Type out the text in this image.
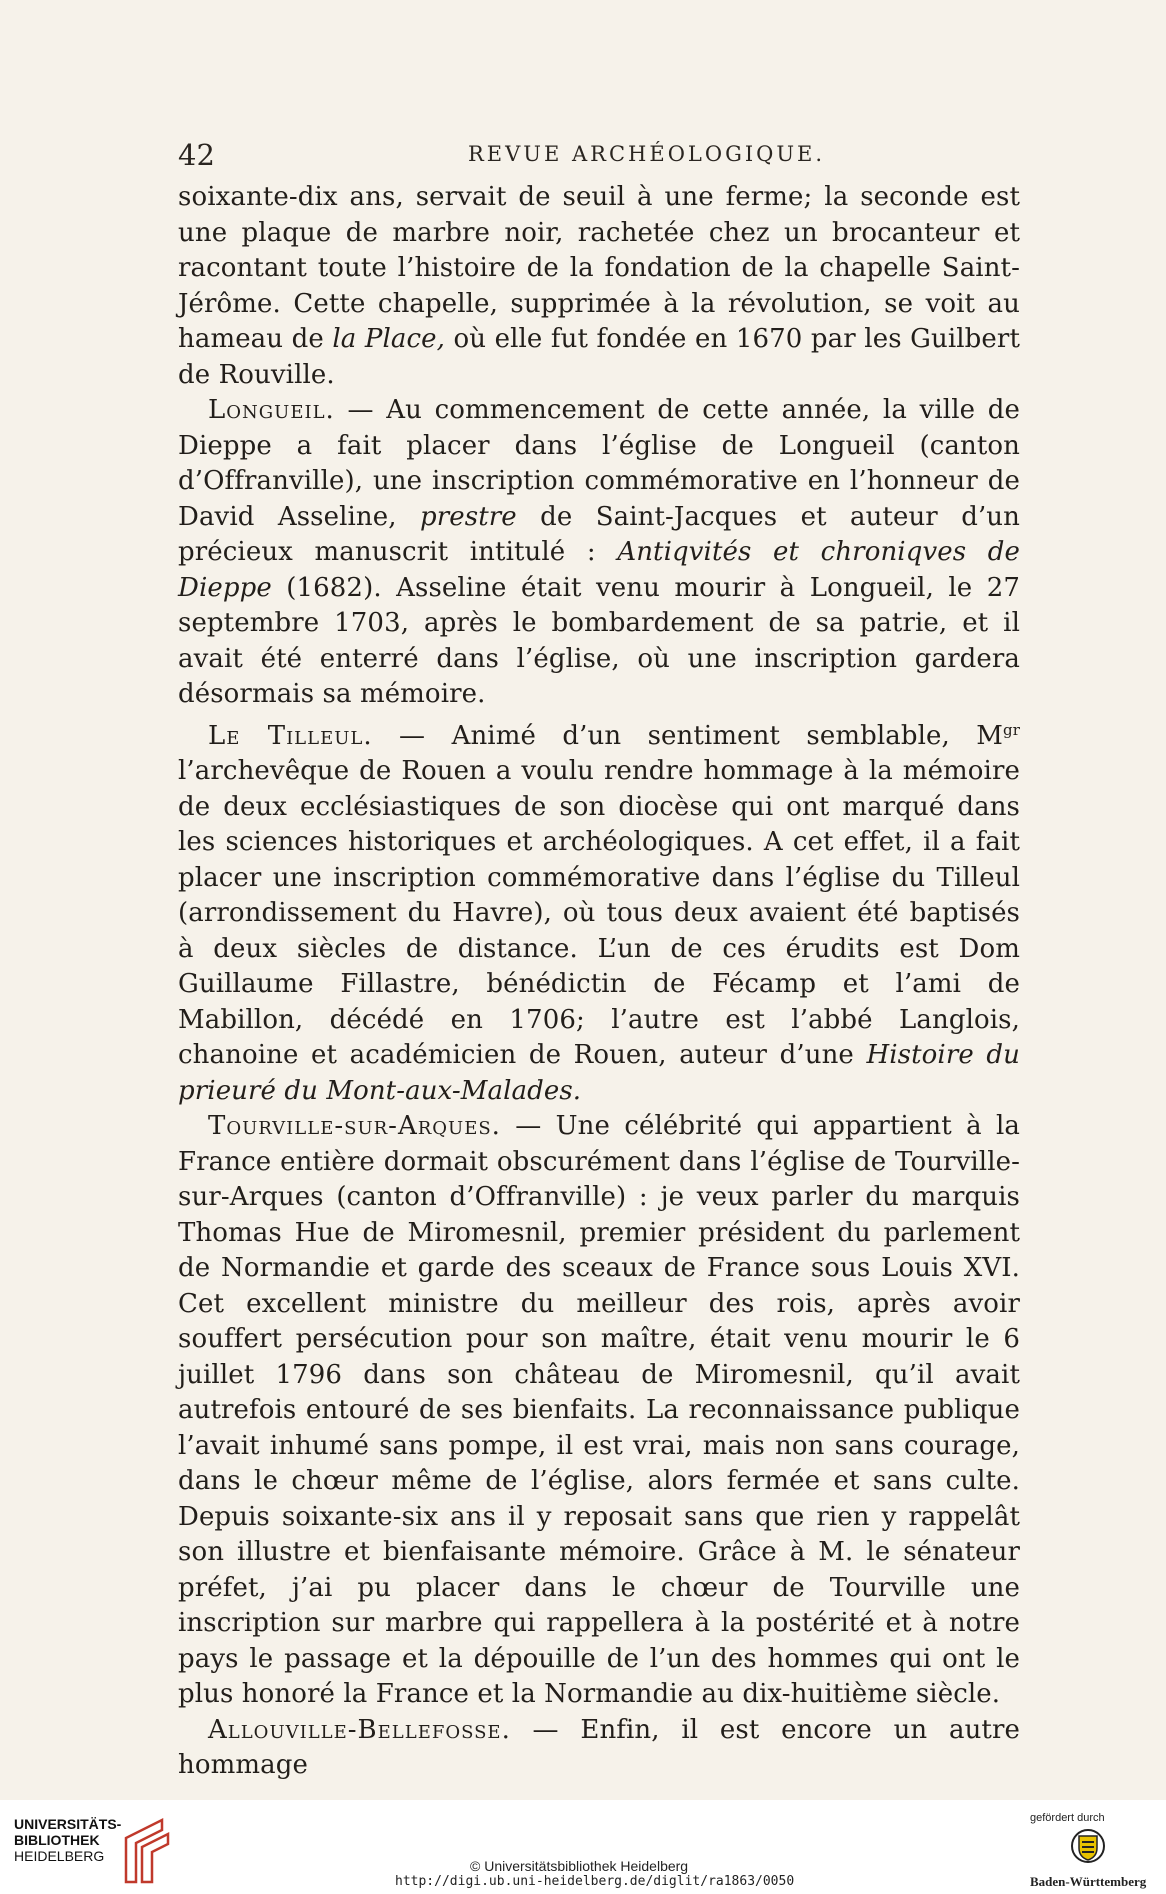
42	REVUE ARCHÉOLOGIQUE.

soixante-dix ans, servait de seuil à une ferme; la seconde est une plaque de marbre noir, rachetée chez un brocanteur et racontant toute l’histoire de la fondation de la chapelle Saint-Jérôme. Cette chapelle, supprimée à la révolution, se voit au hameau de la Place, où elle fut fondée en 1670 par les Guilbert de Rouville.

Longueil. — Au commencement de cette année, la ville de Dieppe a fait placer dans l’église de Longueil (canton d’Offranville), une inscription commémorative en l’honneur de David Asseline, prestre de Saint-Jacques et auteur d’un précieux manuscrit intitulé : Antiqvités et chroniqves de Dieppe (1682). Asseline était venu mourir à Longueil, le 27 septembre 1703, après le bombardement de sa patrie, et il avait été enterré dans l’église, où une inscription gardera désormais sa mémoire.

Le Tilleul. — Animé d’un sentiment semblable, $M^{gr}$ l’archevêque de Rouen a voulu rendre hommage à la mémoire de deux ecclésiastiques de son diocèse qui ont marqué dans les sciences historiques et archéologiques. A cet effet, il a fait placer une inscription commémorative dans l’église du Tilleul (arrondissement du Havre), où tous deux avaient été baptisés à deux siècles de distance. L’un de ces érudits est Dom Guillaume Fillastre, bénédictin de Fécamp et l’ami de Mabillon, décédé en 1706; l’autre est l’abbé Langlois, chanoine et académicien de Rouen, auteur d’une Histoire du prieuré du Mont-aux-Malades.

Tourville-sur-Arques. — Une célébrité qui appartient à la France entière dormait obscurément dans l’église de Tourville-sur-Arques (canton d’Offranville) : je veux parler du marquis Thomas Hue de Miromesnil, premier président du parlement de Normandie et garde des sceaux de France sous Louis XVI. Cet excellent ministre du meilleur des rois, après avoir souffert persécution pour son maître, était venu mourir le 6 juillet 1796 dans son château de Miromesnil, qu’il avait autrefois entouré de ses bienfaits. La reconnaissance publique l’avait inhumé sans pompe, il est vrai, mais non sans courage, dans le chœur même de l’église, alors fermée et sans culte. Depuis soixante-six ans il y reposait sans que rien y rappelât son illustre et bienfaisante mémoire. Grâce à M. le sénateur préfet, j’ai pu placer dans le chœur de Tourville une inscription sur marbre qui rappellera à la postérité et à notre pays le passage et la dépouille de l’un des hommes qui ont le plus honoré la France et la Normandie au dix-huitième siècle.

Allouville-Bellefosse. — Enfin, il est encore un autre hommage

UNIVERSITÄTS-
BIBLIOTHEK
HEIDELBERG
© Universitätsbibliothek Heidelberg
http://digi.ub.uni-heidelberg.de/diglit/ra1863/0050
gefördert durch
Baden-Württemberg
